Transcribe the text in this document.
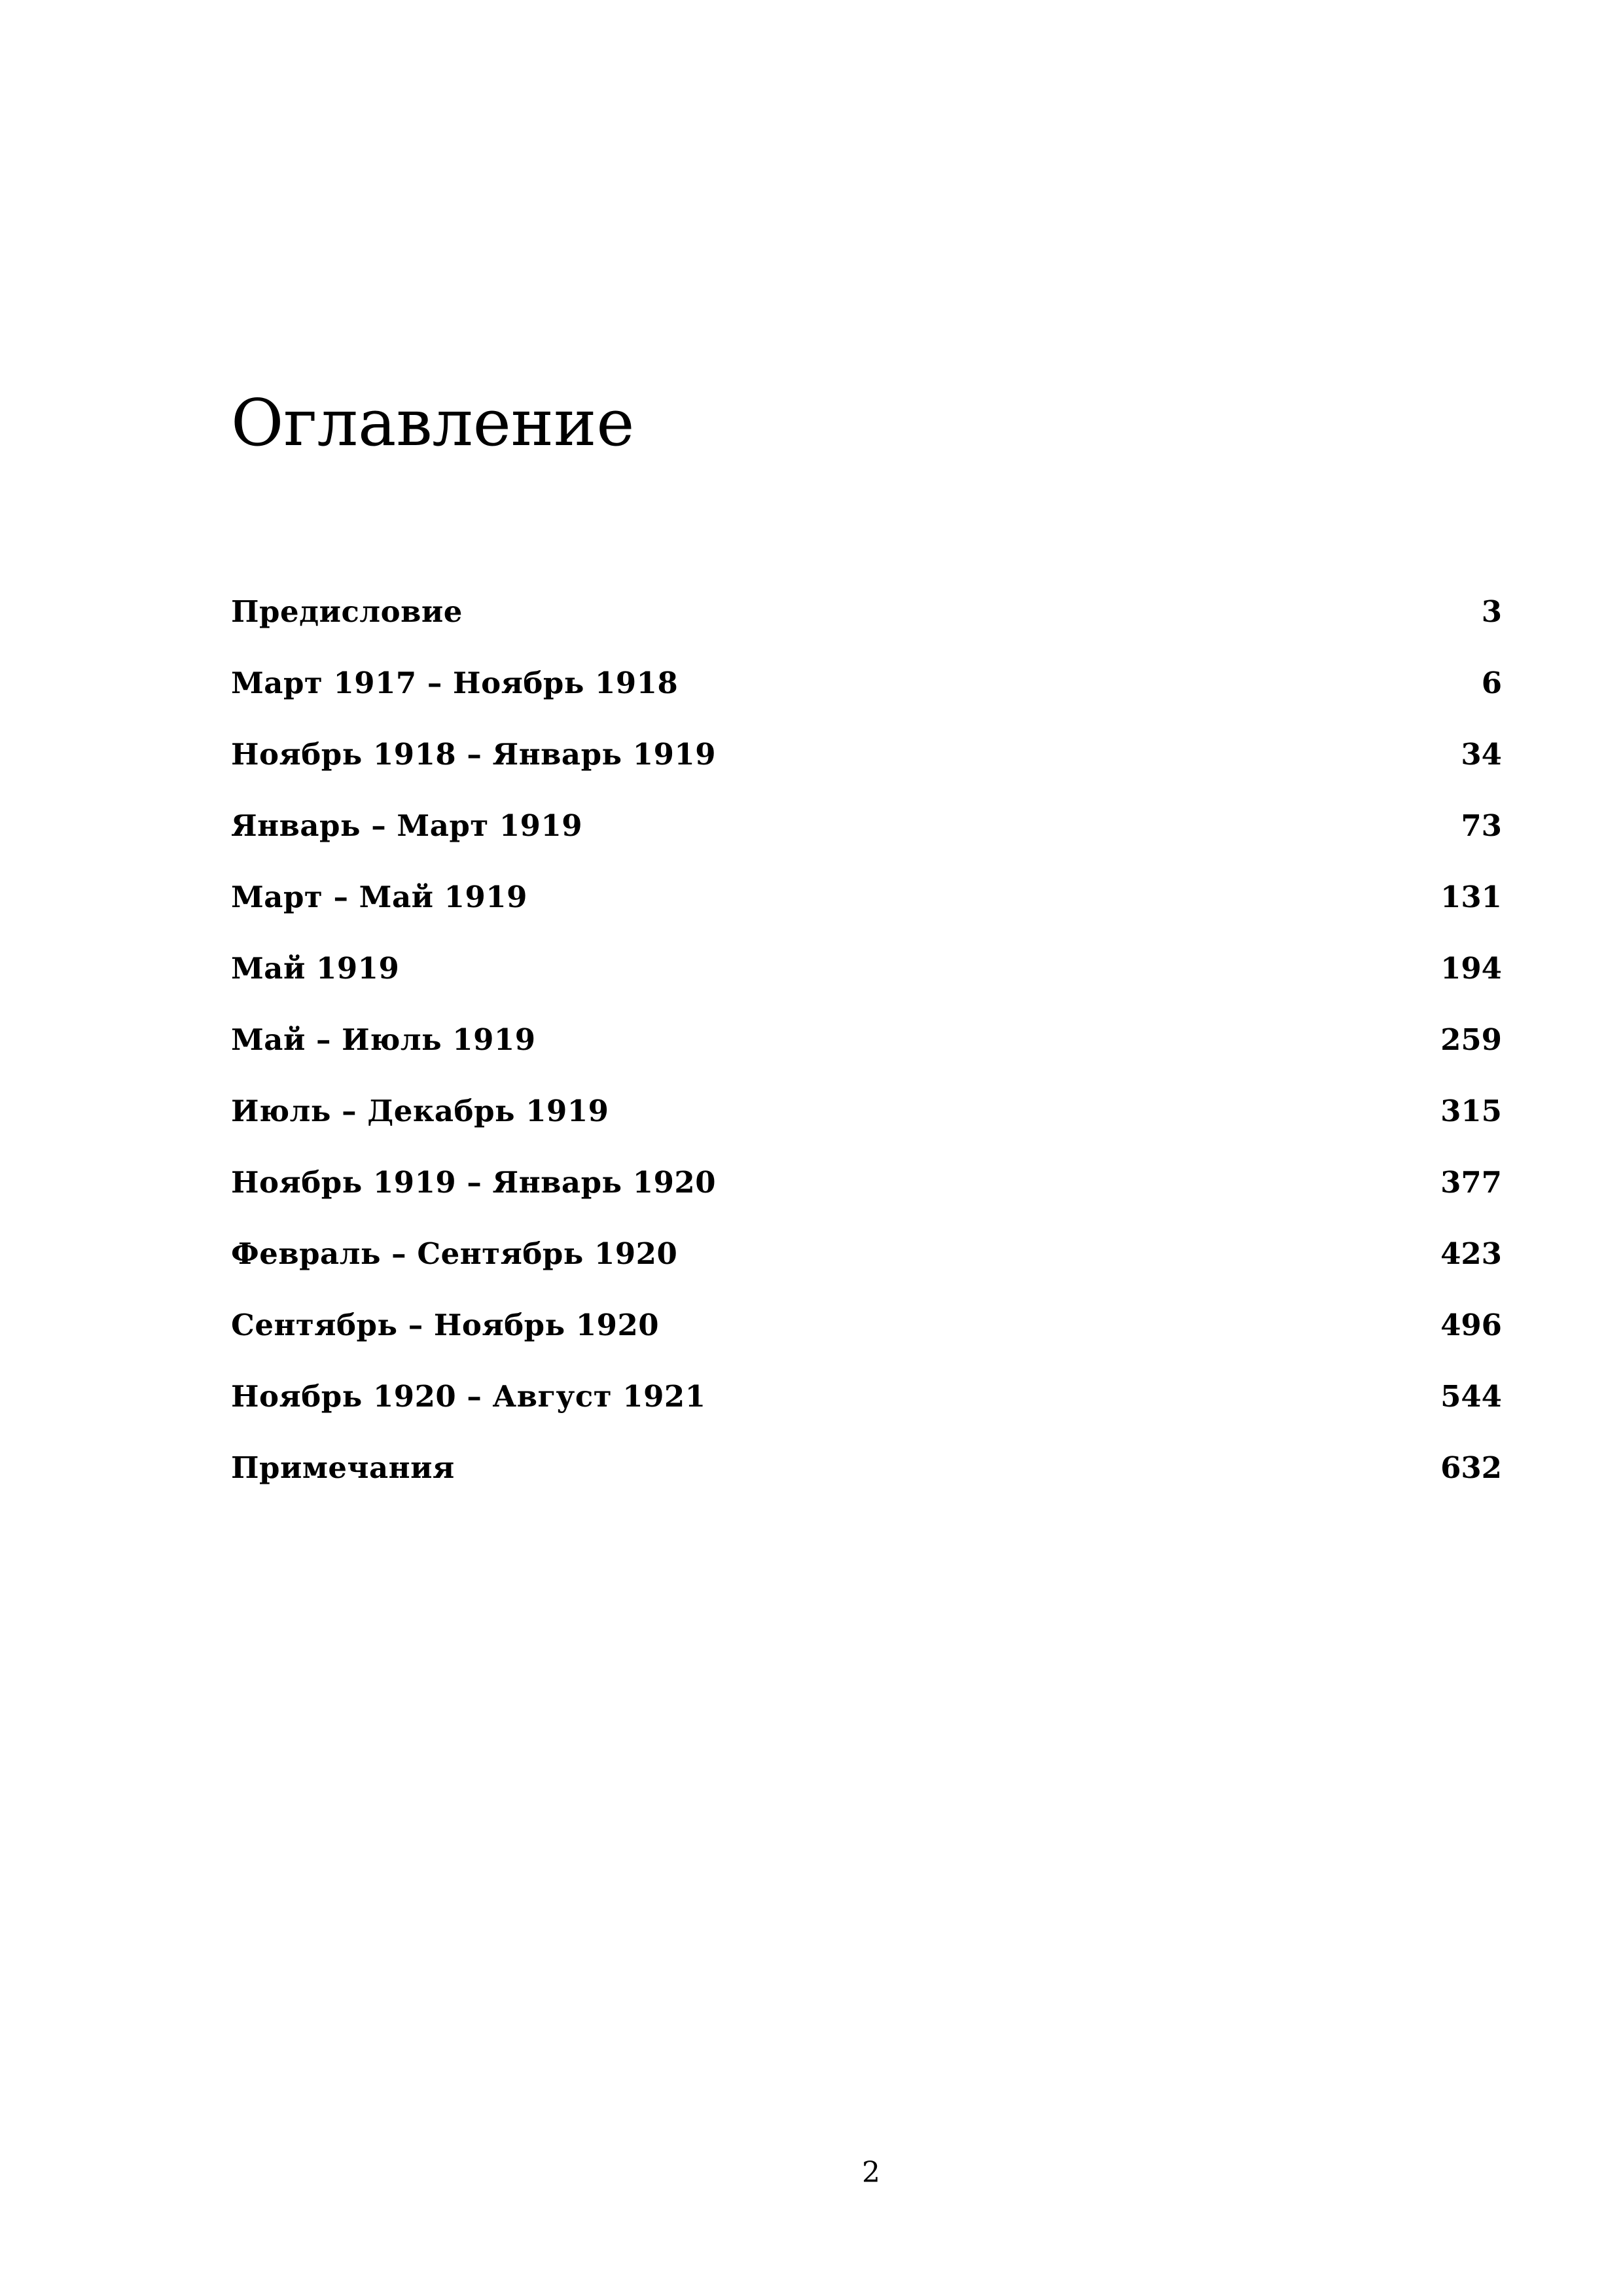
Оглавление
Предисловие	3
Март 1917 – Ноябрь 1918	6
Ноябрь 1918 – Январь 1919	34
Январь – Март 1919	73
Март – Май 1919	131
Май 1919	194
Май – Июль 1919	259
Июль – Декабрь 1919	315
Ноябрь 1919 – Январь 1920	377
Февраль – Сентябрь 1920	423
Сентябрь – Ноябрь 1920	496
Ноябрь 1920 – Август 1921	544
Примечания	632
2
